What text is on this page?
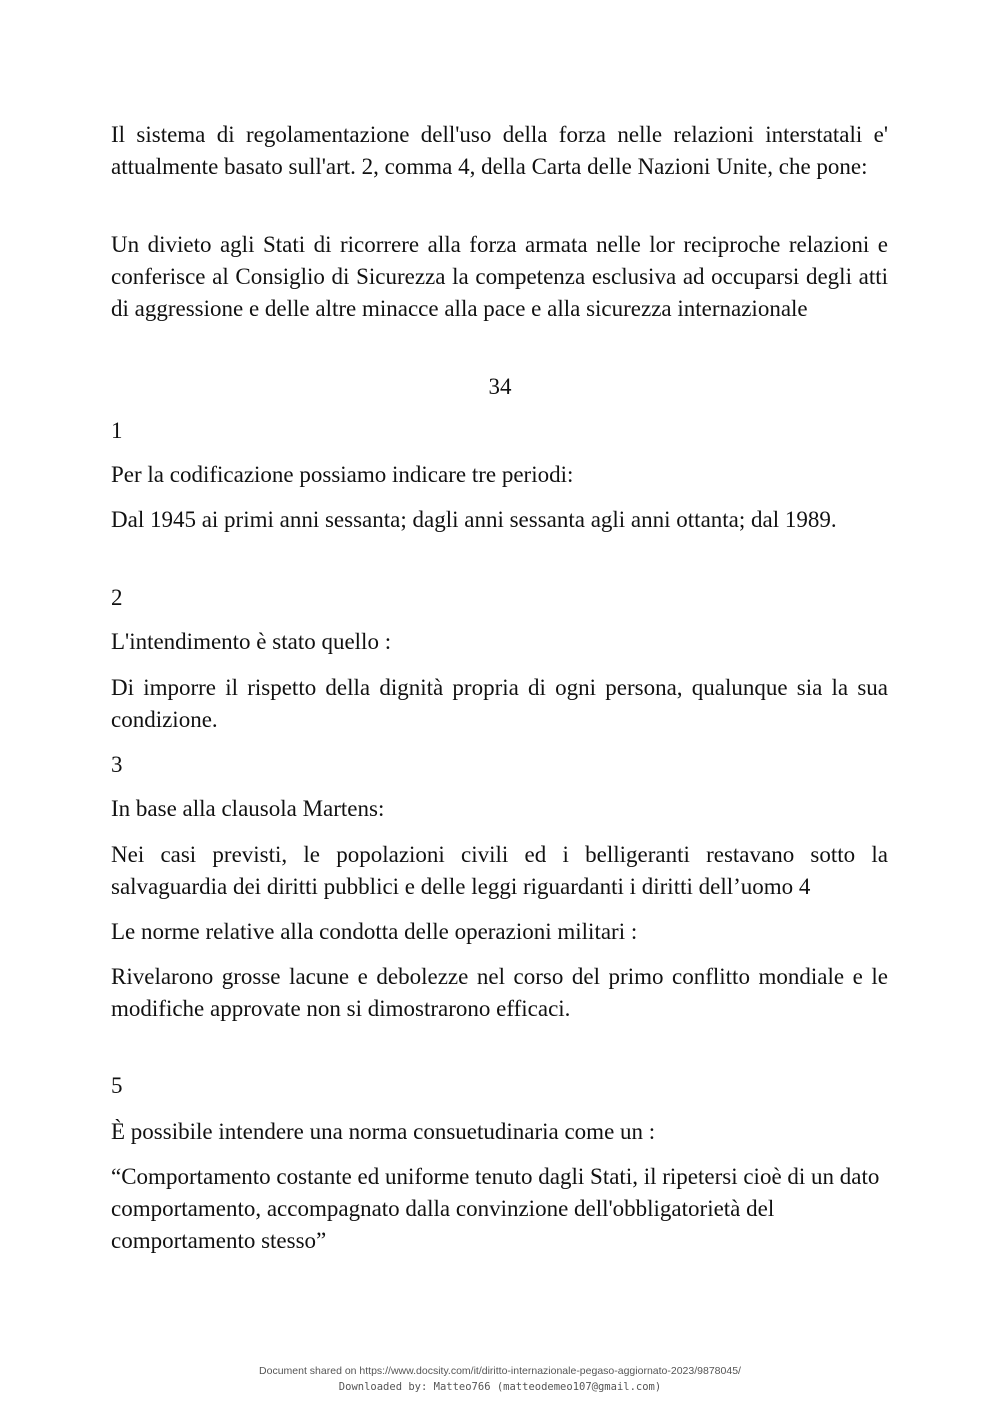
Il sistema di regolamentazione dell'uso della forza nelle relazioni interstatali e' attualmente basato sull'art. 2, comma 4, della Carta delle Nazioni Unite, che pone:

Un divieto agli Stati di ricorrere alla forza armata nelle lor reciproche relazioni e conferisce al Consiglio di Sicurezza la competenza esclusiva ad occuparsi degli atti di aggressione e delle altre minacce alla pace e alla sicurezza internazionale

34

1

Per la codificazione possiamo indicare tre periodi:

Dal 1945 ai primi anni sessanta; dagli anni sessanta agli anni ottanta; dal 1989.

2

L'intendimento è stato quello :

Di imporre il rispetto della dignità propria di ogni persona, qualunque sia la sua condizione.

3

In base alla clausola Martens:

Nei casi previsti, le popolazioni civili ed i belligeranti restavano sotto la salvaguardia dei diritti pubblici e delle leggi riguardanti i diritti dell’uomo 4

Le norme relative alla condotta delle operazioni militari :

Rivelarono grosse lacune e debolezze nel corso del primo conflitto mondiale e le modifiche approvate non si dimostrarono efficaci.

5

È possibile intendere una norma consuetudinaria come un :

“Comportamento costante ed uniforme tenuto dagli Stati, il ripetersi cioè di un dato comportamento, accompagnato dalla convinzione dell'obbligatorietà del comportamento stesso”

Document shared on https://www.docsity.com/it/diritto-internazionale-pegaso-aggiornato-2023/9878045/
Downloaded by: Matteo766 (matteodemeo107@gmail.com)
